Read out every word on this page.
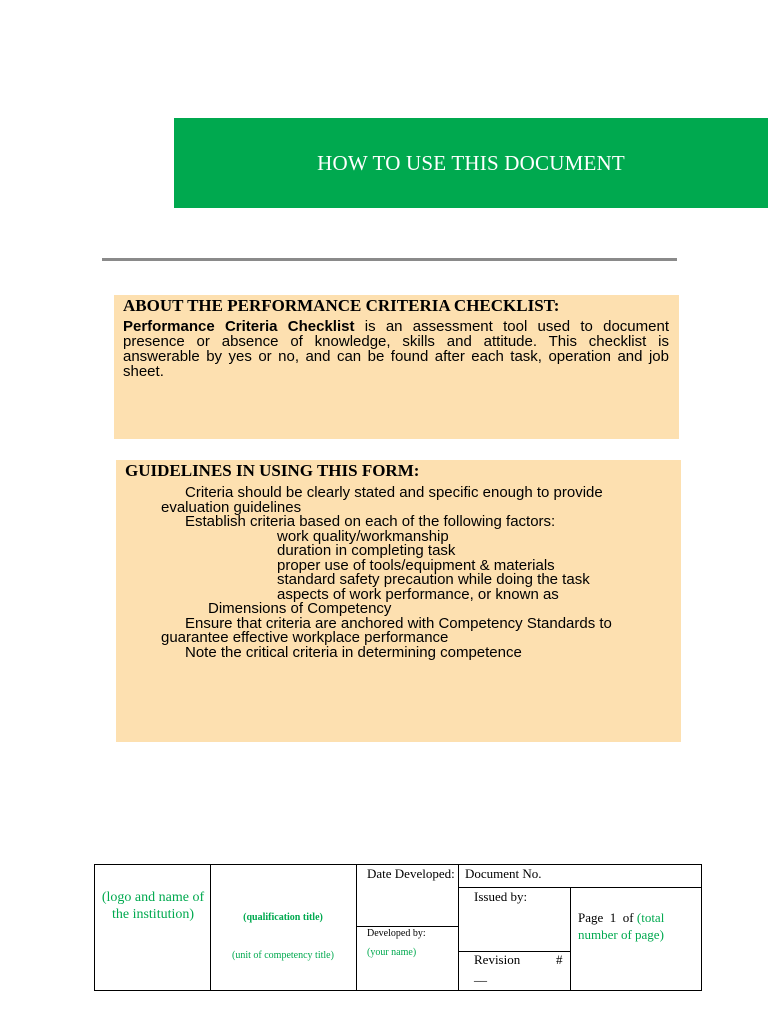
HOW TO USE THIS DOCUMENT
ABOUT THE PERFORMANCE CRITERIA CHECKLIST:
Performance Criteria Checklist is an assessment tool used to document presence or absence of knowledge, skills and attitude. This checklist is answerable by yes or no, and can be found after each task, operation and job sheet.
GUIDELINES IN USING THIS FORM:
Criteria should be clearly stated and specific enough to provide
evaluation guidelines
Establish criteria based on each of the following factors:
work quality/workmanship
duration in completing task
proper use of tools/equipment & materials
standard safety precaution while doing the task
aspects of work performance, or known as
Dimensions of Competency
Ensure that criteria are anchored with Competency Standards to
guarantee effective workplace performance
Note the critical criteria in determining competence
(logo and name of the institution)	(qualification title)
(unit of competency title)
Date Developed:
Developed by:
(your name)
Document No.
Issued by:
Revision	#
__
Page 1 of (total number of page)
